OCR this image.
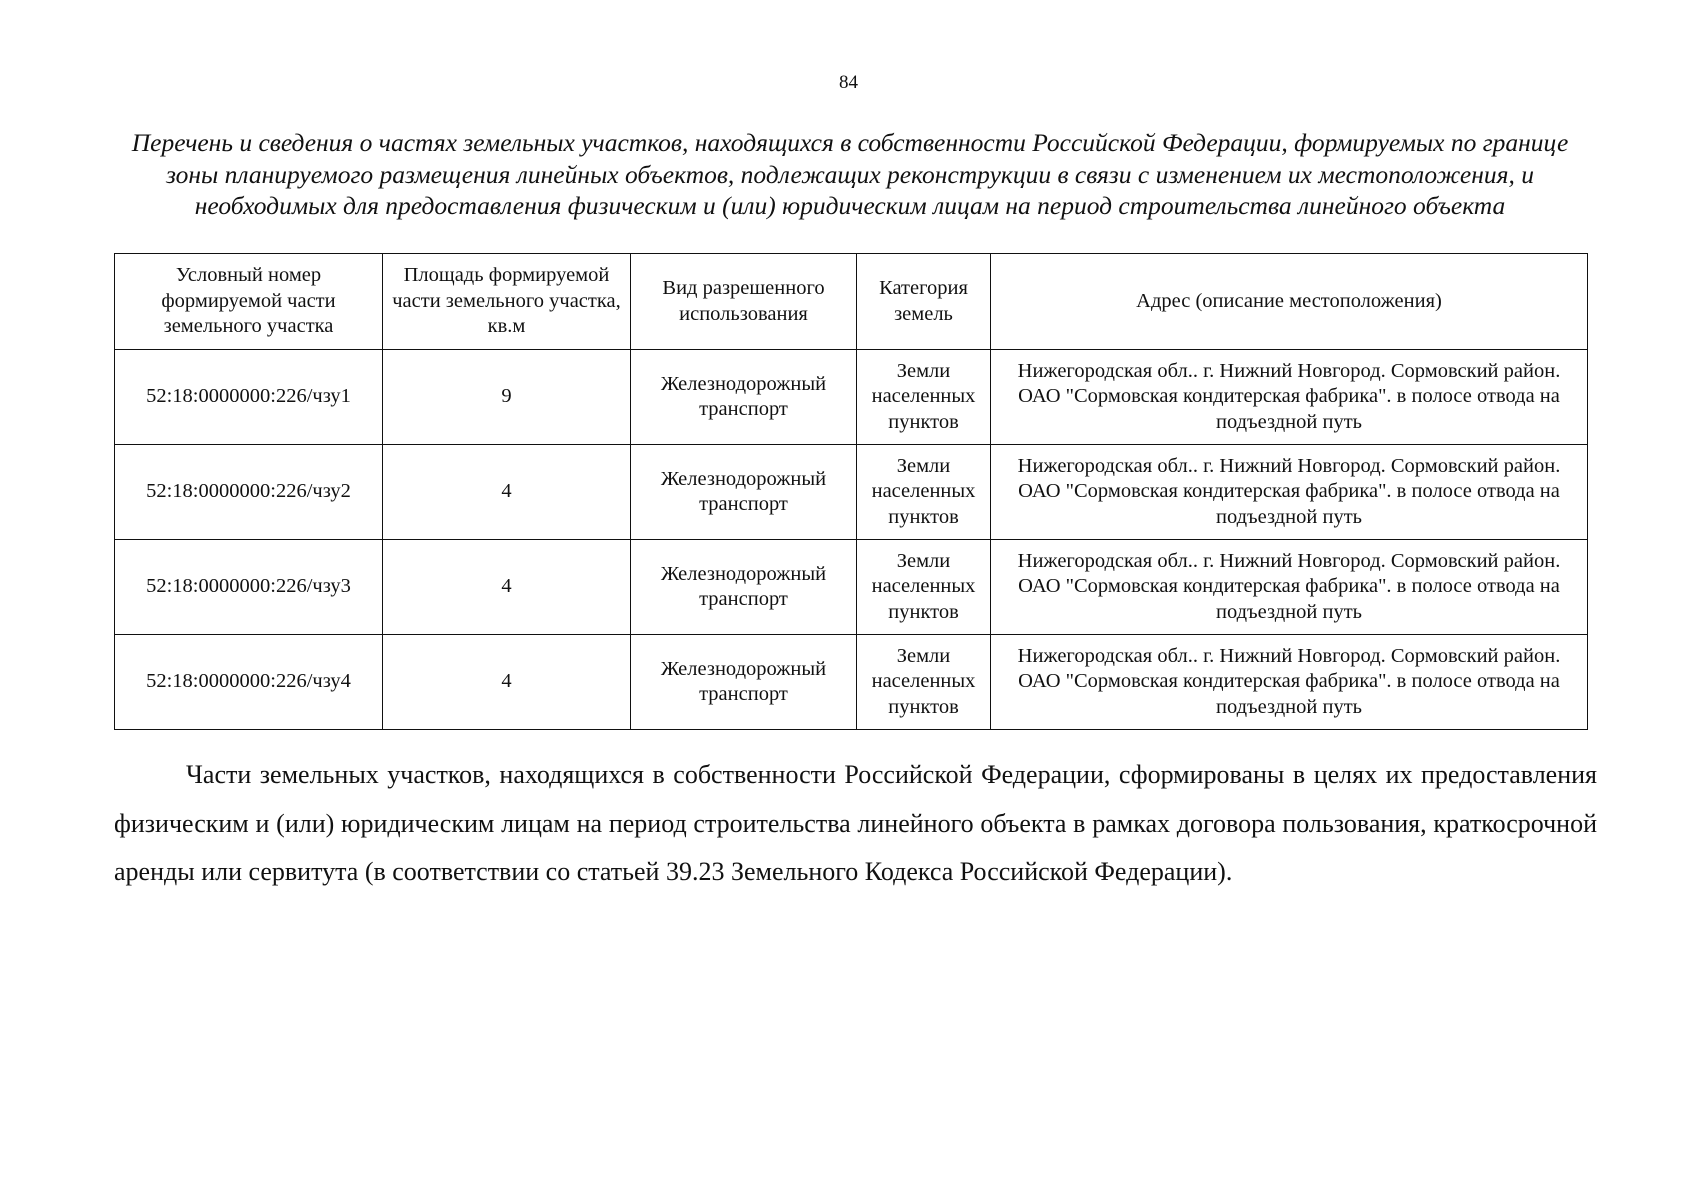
84
Перечень и сведения о частях земельных участков, находящихся в собственности Российской Федерации, формируемых по границе зоны планируемого размещения линейных объектов, подлежащих реконструкции в связи с изменением их местоположения, и необходимых для предоставления физическим и (или) юридическим лицам на период строительства линейного объекта
Условный номер формируемой части земельного участка	Площадь формируемой части земельного участка, кв.м	Вид разрешенного использования	Категория земель	Адрес (описание местоположения)
52:18:0000000:226/чзу1	9	Железнодорожный транспорт	Земли населенных пунктов	Нижегородская обл.. г. Нижний Новгород. Сормовский район. ОАО "Сормовская кондитерская фабрика". в полосе отвода на подъездной путь
52:18:0000000:226/чзу2	4	Железнодорожный транспорт	Земли населенных пунктов	Нижегородская обл.. г. Нижний Новгород. Сормовский район. ОАО "Сормовская кондитерская фабрика". в полосе отвода на подъездной путь
52:18:0000000:226/чзу3	4	Железнодорожный транспорт	Земли населенных пунктов	Нижегородская обл.. г. Нижний Новгород. Сормовский район. ОАО "Сормовская кондитерская фабрика". в полосе отвода на подъездной путь
52:18:0000000:226/чзу4	4	Железнодорожный транспорт	Земли населенных пунктов	Нижегородская обл.. г. Нижний Новгород. Сормовский район. ОАО "Сормовская кондитерская фабрика". в полосе отвода на подъездной путь

Части земельных участков, находящихся в собственности Российской Федерации, сформированы в целях их предоставления физическим и (или) юридическим лицам на период строительства линейного объекта в рамках договора пользования, краткосрочной аренды или сервитута (в соответствии со статьей 39.23 Земельного Кодекса Российской Федерации).
